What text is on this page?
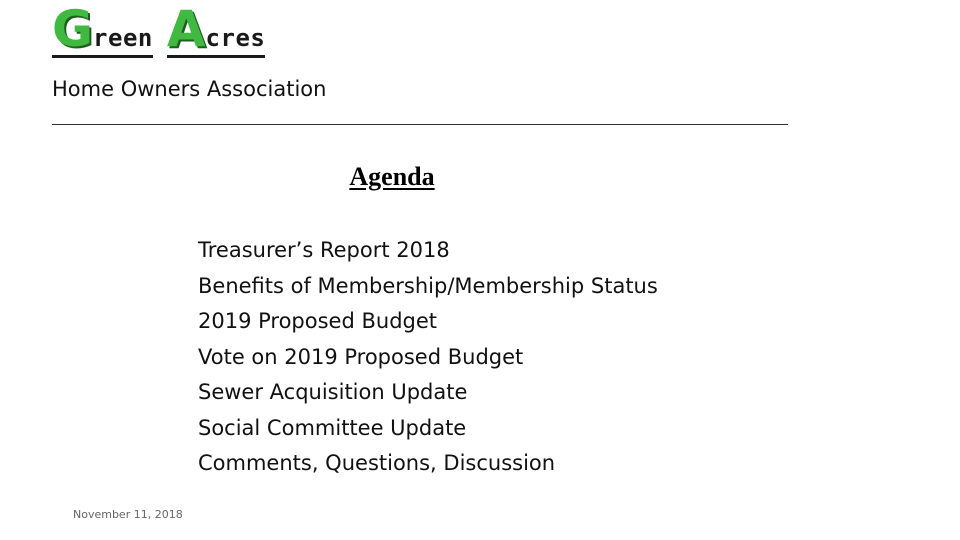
Green Acres
Home Owners Association
Agenda
Treasurer’s Report 2018
Benefits of Membership/Membership Status
2019 Proposed Budget
Vote on 2019 Proposed Budget
Sewer Acquisition Update
Social Committee Update
Comments, Questions, Discussion
November 11, 2018
